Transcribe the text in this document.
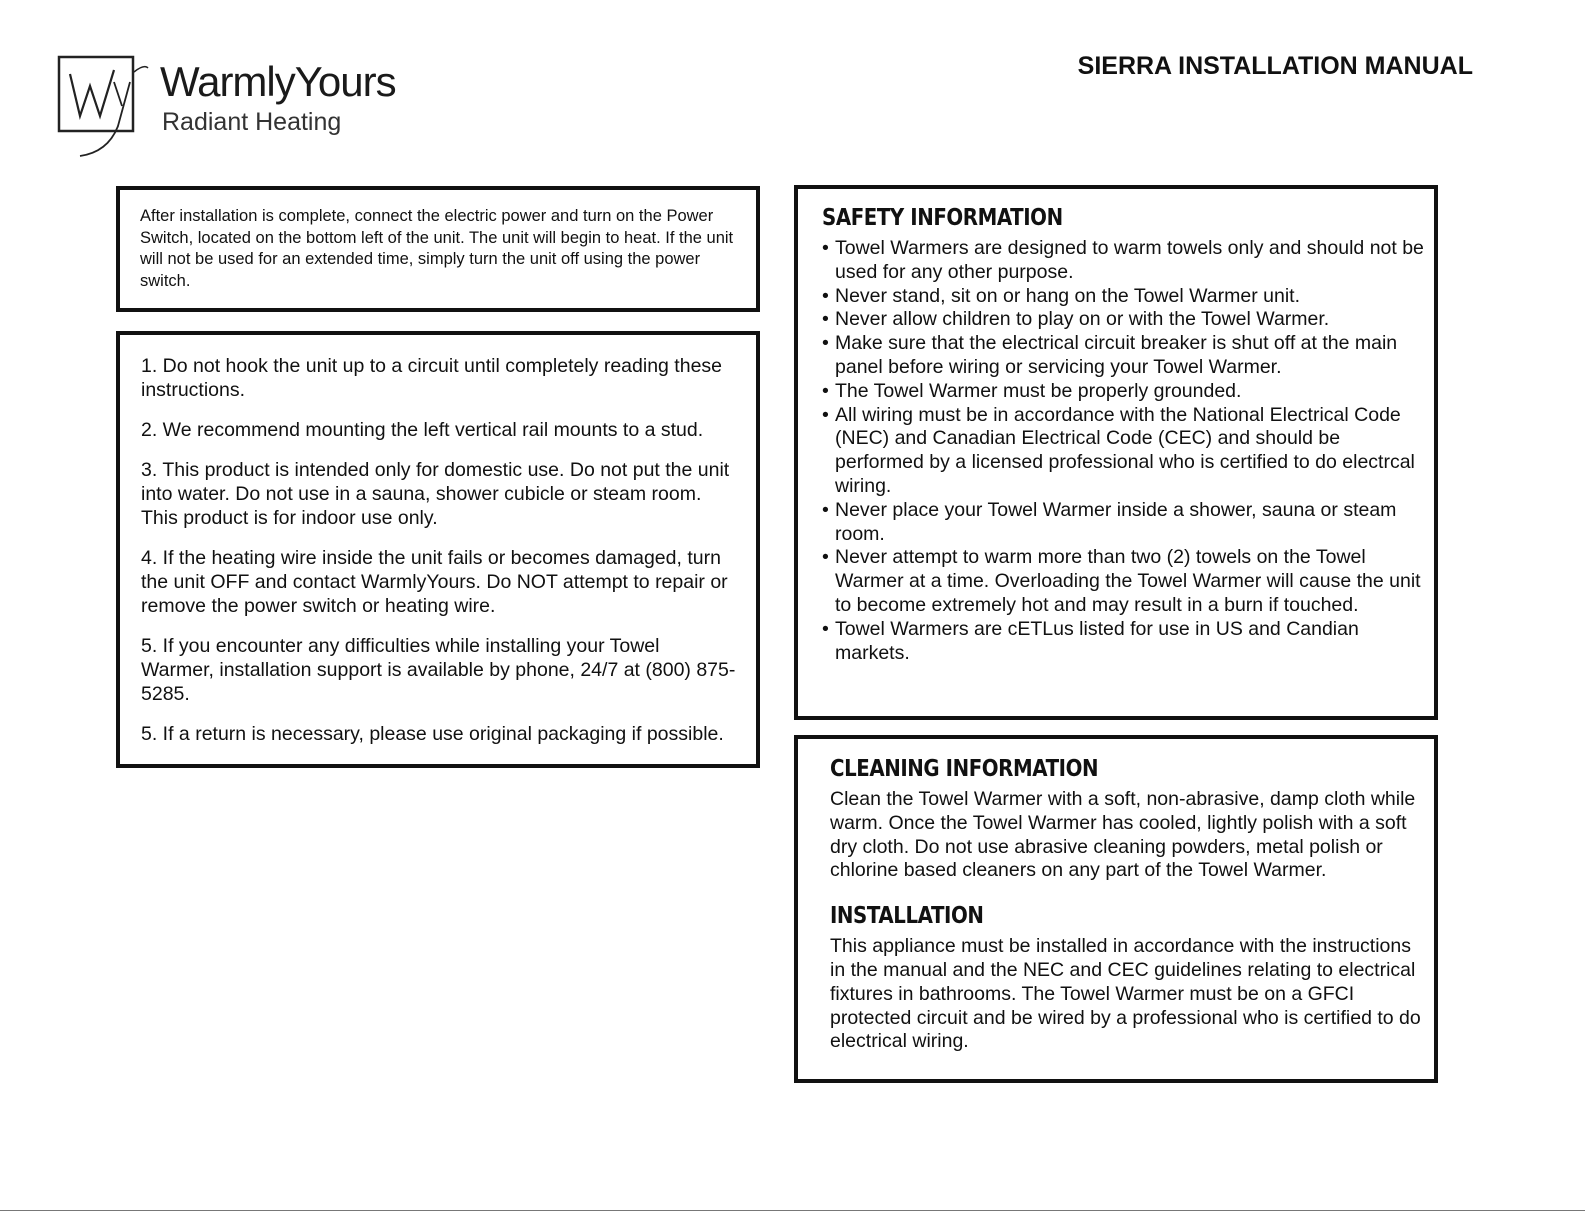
WarmlyYours
Radiant Heating
SIERRA INSTALLATION MANUAL

After installation is complete, connect the electric power and turn on the Power Switch, located on the bottom left of the unit. The unit will begin to heat. If the unit will not be used for an extended time, simply turn the unit off using the power switch.

1. Do not hook the unit up to a circuit until completely reading these instructions.

2. We recommend mounting the left vertical rail mounts to a stud.

3. This product is intended only for domestic use. Do not put the unit into water. Do not use in a sauna, shower cubicle or steam room. This product is for indoor use only.

4. If the heating wire inside the unit fails or becomes damaged, turn the unit OFF and contact WarmlyYours. Do NOT attempt to repair or remove the power switch or heating wire.

5. If you encounter any difficulties while installing your Towel Warmer, installation support is available by phone, 24/7 at (800) 875-5285.

5. If a return is necessary, please use original packaging if possible.

SAFETY INFORMATION
• Towel Warmers are designed to warm towels only and should not be used for any other purpose.
• Never stand, sit on or hang on the Towel Warmer unit.
• Never allow children to play on or with the Towel Warmer.
• Make sure that the electrical circuit breaker is shut off at the main panel before wiring or servicing your Towel Warmer.
• The Towel Warmer must be properly grounded.
• All wiring must be in accordance with the National Electrical Code (NEC) and Canadian Electrical Code (CEC) and should be performed by a licensed professional who is certified to do electrcal wiring.
• Never place your Towel Warmer inside a shower, sauna or steam room.
• Never attempt to warm more than two (2) towels on the Towel Warmer at a time. Overloading the Towel Warmer will cause the unit to become extremely hot and may result in a burn if touched.
• Towel Warmers are cETLus listed for use in US and Candian markets.
CLEANING INFORMATION

Clean the Towel Warmer with a soft, non-abrasive, damp cloth while warm. Once the Towel Warmer has cooled, lightly polish with a soft dry cloth. Do not use abrasive cleaning powders, metal polish or chlorine based cleaners on any part of the Towel Warmer.

INSTALLATION

This appliance must be installed in accordance with the instructions in the manual and the NEC and CEC guidelines relating to electrical fixtures in bathrooms. The Towel Warmer must be on a GFCI protected circuit and be wired by a professional who is certified to do electrical wiring.
